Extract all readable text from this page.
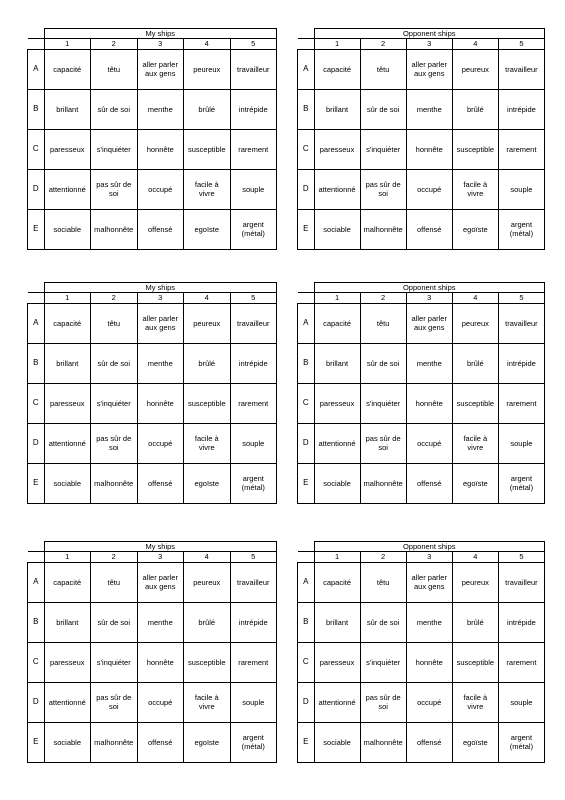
	My ships				
	1	2	3	4	5
A	capacité	têtu	aller parler aux gens	peureux	travailleur
B	brillant	sûr de soi	menthe	brûlé	intrépide
C	paresseux	s'inquiéter	honnête	susceptible	rarement
D	attentionné	pas sûr de soi	occupé	facile à vivre	souple
E	sociable	malhonnête	offensé	egoïste	argent (métal)
	Opponent ships				
	1	2	3	4	5
A	capacité	têtu	aller parler aux gens	peureux	travailleur
B	brillant	sûr de soi	menthe	brûlé	intrépide
C	paresseux	s'inquiéter	honnête	susceptible	rarement
D	attentionné	pas sûr de soi	occupé	facile à vivre	souple
E	sociable	malhonnête	offensé	egoïste	argent (métal)
	My ships				
	1	2	3	4	5
A	capacité	têtu	aller parler aux gens	peureux	travailleur
B	brillant	sûr de soi	menthe	brûlé	intrépide
C	paresseux	s'inquiéter	honnête	susceptible	rarement
D	attentionné	pas sûr de soi	occupé	facile à vivre	souple
E	sociable	malhonnête	offensé	egoïste	argent (métal)
	Opponent ships				
	1	2	3	4	5
A	capacité	têtu	aller parler aux gens	peureux	travailleur
B	brillant	sûr de soi	menthe	brûlé	intrépide
C	paresseux	s'inquiéter	honnête	susceptible	rarement
D	attentionné	pas sûr de soi	occupé	facile à vivre	souple
E	sociable	malhonnête	offensé	egoïste	argent (métal)
	My ships				
	1	2	3	4	5
A	capacité	têtu	aller parler aux gens	peureux	travailleur
B	brillant	sûr de soi	menthe	brûlé	intrépide
C	paresseux	s'inquiéter	honnête	susceptible	rarement
D	attentionné	pas sûr de soi	occupé	facile à vivre	souple
E	sociable	malhonnête	offensé	egoïste	argent (métal)
	Opponent ships				
	1	2	3	4	5
A	capacité	têtu	aller parler aux gens	peureux	travailleur
B	brillant	sûr de soi	menthe	brûlé	intrépide
C	paresseux	s'inquiéter	honnête	susceptible	rarement
D	attentionné	pas sûr de soi	occupé	facile à vivre	souple
E	sociable	malhonnête	offensé	egoïste	argent (métal)
